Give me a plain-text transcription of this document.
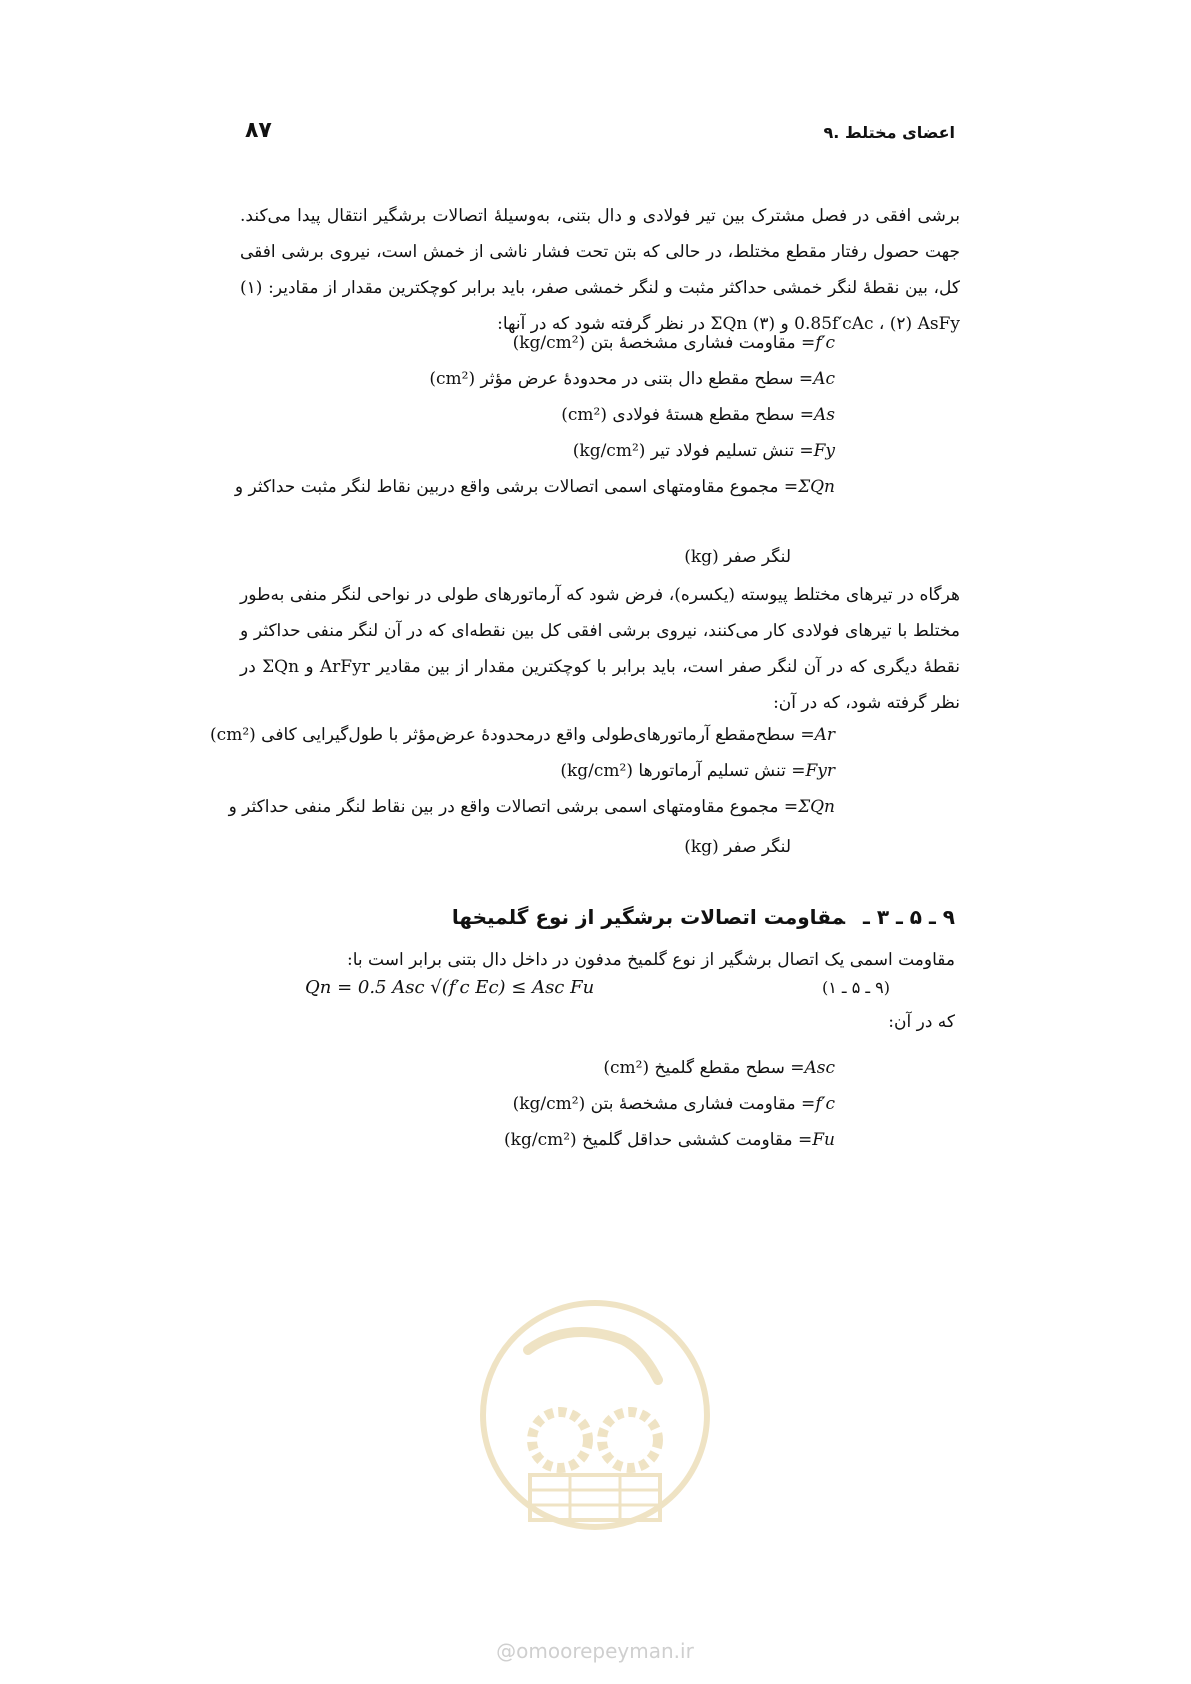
۹. اعضای مختلط
۸۷

برشی افقی در فصل مشترک بین تیر فولادی و دال بتنی، به‌وسیلهٔ اتصالات برشگیر انتقال پیدا می‌کند. جهت حصول رفتار مقطع مختلط، در حالی که بتن تحت فشار ناشی از خمش است، نیروی برشی افقی کل، بین نقطهٔ لنگر خمشی حداکثر مثبت و لنگر خمشی صفر، باید برابر کوچکترین مقدار از مقادیر: (۱) 0.85f′cAc ، (۲) AsFy و (۳) ΣQn در نظر گرفته شود که در آنها:

f′c= مقاومت فشاری مشخصهٔ بتن (kg/cm²)
Ac= سطح مقطع دال بتنی در محدودهٔ عرض مؤثر (cm²)
As= سطح مقطع هستهٔ فولادی (cm²)
Fy= تنش تسلیم فولاد تیر (kg/cm²)
ΣQn= مجموع مقاومتهای اسمی اتصالات برشی واقع دربین نقاط لنگر مثبت حداکثر و
لنگر صفر (kg)

هرگاه در تیرهای مختلط پیوسته (یکسره)، فرض شود که آرماتورهای طولی در نواحی لنگر منفی به‌طور مختلط با تیرهای فولادی کار می‌کنند، نیروی برشی افقی کل بین نقطه‌ای که در آن لنگر منفی حداکثر و نقطهٔ دیگری که در آن لنگر صفر است، باید برابر با کوچکترین مقدار از بین مقادیر ArFyr و ΣQn در نظر گرفته شود، که در آن:

Ar= سطح‌مقطع آرماتورهای‌طولی واقع درمحدودهٔ عرض‌مؤثر با طول‌گیرایی کافی (cm²)
Fyr= تنش تسلیم آرماتورها (kg/cm²)
ΣQn= مجموع مقاومتهای اسمی برشی اتصالات واقع در بین نقاط لنگر منفی حداکثر و
لنگر صفر (kg)
۹ ـ ۵ ـ ۳ ـمقاومت اتصالات برشگیر از نوع گلمیخها
مقاومت اسمی یک اتصال برشگیر از نوع گلمیخ مدفون در داخل دال بتنی برابر است با:
Qn = 0.5 Asc √(f′c Ec) ≤ Asc Fu	(۹ ـ ۵ ـ ۱)
که در آن:
Asc= سطح مقطع گلمیخ (cm²)
f′c= مقاومت فشاری مشخصهٔ بتن (kg/cm²)
Fu= مقاومت کششی حداقل گلمیخ (kg/cm²)
@omoorepeyman.ir
